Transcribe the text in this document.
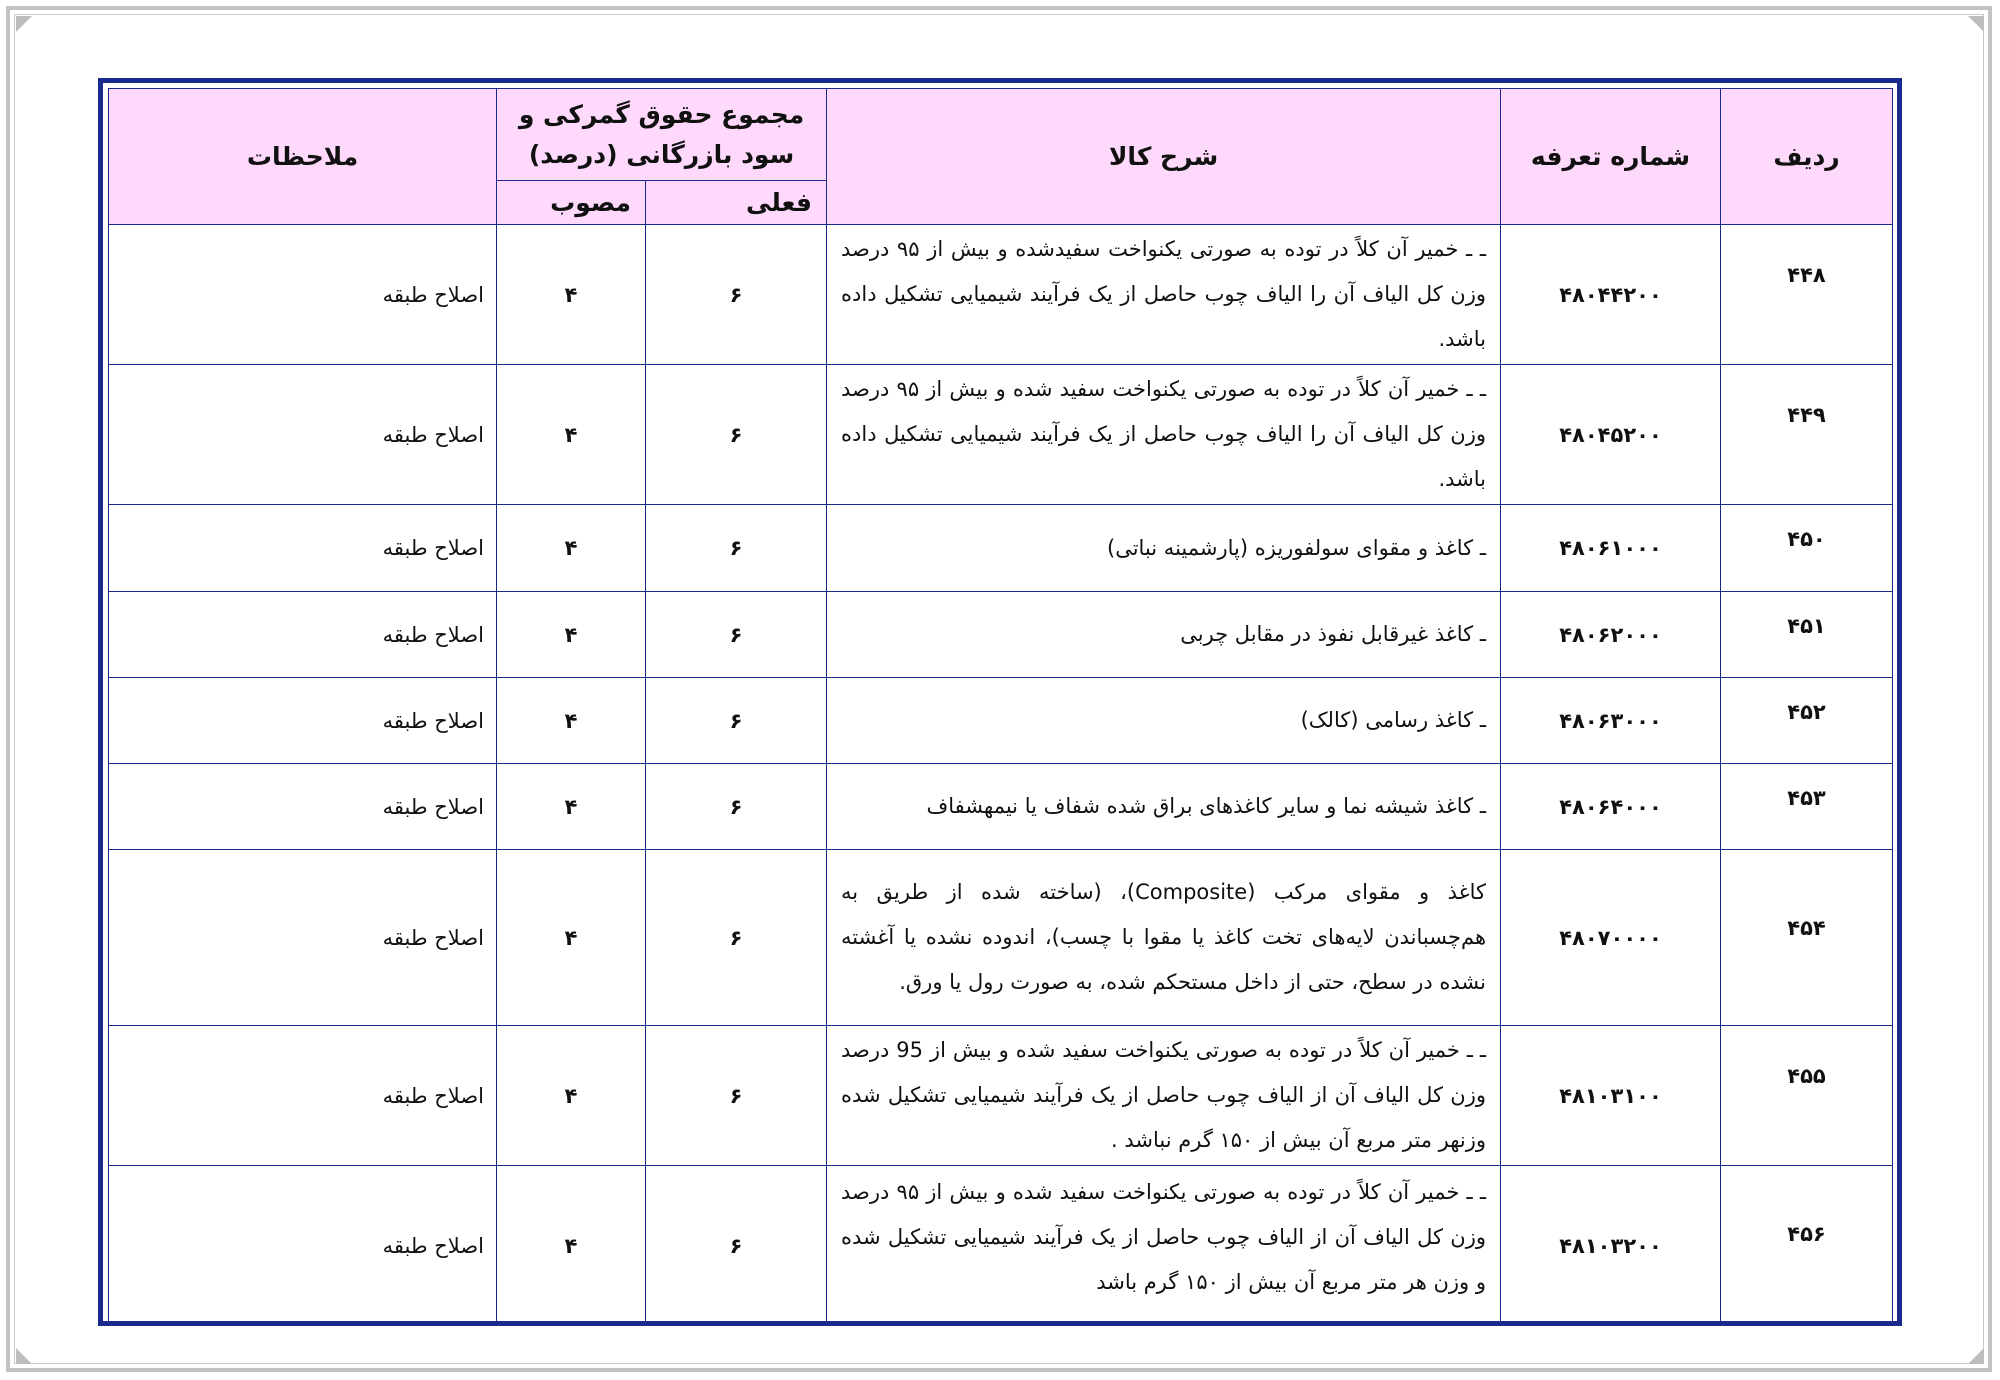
ردیف	شماره تعرفه	شرح کالا	مجموع حقوق گمرکی و سود بازرگانی (درصد)		ملاحظات
			فعلی	مصوب	
۴۴۸	۴۸۰۴۴۲۰۰	ـ ـ خمیر آن کلاً در توده به صورتی یکنواخت سفیدشده و بیش از ۹۵ درصد وزن کل الیاف آن را الیاف چوب حاصل از یک فرآیند شیمیایی تشکیل داده باشد.	۶	۴	اصلاح طبقه
۴۴۹	۴۸۰۴۵۲۰۰	ـ ـ خمیر آن کلاً در توده به صورتی یکنواخت سفید شده و بیش از ۹۵ درصد وزن کل الیاف آن را الیاف چوب حاصل از یک فرآیند شیمیایی تشکیل داده باشد.	۶	۴	اصلاح طبقه
۴۵۰	۴۸۰۶۱۰۰۰	ـ کاغذ و مقوای سولفوریزه (پارشمینه نباتی)	۶	۴	اصلاح طبقه
۴۵۱	۴۸۰۶۲۰۰۰	ـ کاغذ غیرقابل نفوذ در مقابل چربی	۶	۴	اصلاح طبقه
۴۵۲	۴۸۰۶۳۰۰۰	ـ کاغذ رسامی (کالک)	۶	۴	اصلاح طبقه
۴۵۳	۴۸۰۶۴۰۰۰	ـ کاغذ شیشه نما و سایر کاغذهای براق شده شفاف یا نیمهشفاف	۶	۴	اصلاح طبقه
۴۵۴	۴۸۰۷۰۰۰۰	کاغذ و مقوای مرکب (Composite)، (ساخته شده از طریق به هم‌چسباندن لایه‌های تخت کاغذ یا مقوا با چسب)، اندوده نشده یا آغشته نشده در سطح، حتی از داخل مستحکم شده، به صورت رول یا ورق.	۶	۴	اصلاح طبقه
۴۵۵	۴۸۱۰۳۱۰۰	ـ ـ خمیر آن کلاً در توده به صورتی یکنواخت سفید شده و بیش از 95 درصد وزن کل الیاف آن از الیاف چوب حاصل از یک فرآیند شیمیایی تشکیل شده وزنهر متر مربع آن بیش از ۱۵۰ گرم نباشد .	۶	۴	اصلاح طبقه
۴۵۶	۴۸۱۰۳۲۰۰	ـ ـ خمیر آن کلاً در توده به صورتی یکنواخت سفید شده و بیش از ۹۵ درصد وزن کل الیاف آن از الیاف چوب حاصل از یک فرآیند شیمیایی تشکیل شده و وزن هر متر مربع آن بیش از ۱۵۰ گرم باشد	۶	۴	اصلاح طبقه
